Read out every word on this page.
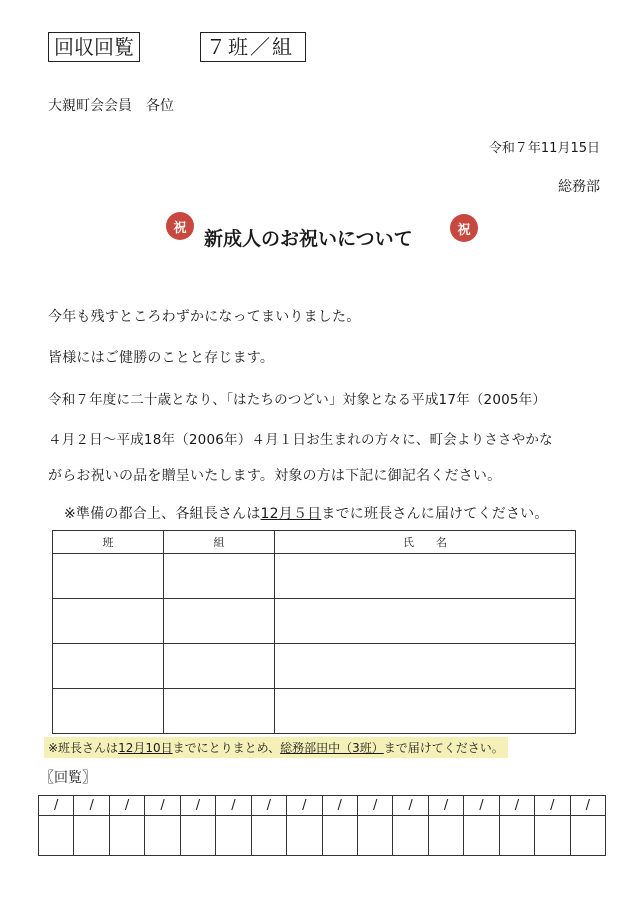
回収回覧	７班／組
大親町会会員　各位
令和７年11月15日
総務部
祝 新成人のお祝いについて	祝
今年も残すところわずかになってまいりました。
皆様にはご健勝のことと存じます。
令和７年度に二十歳となり、「はたちのつどい」対象となる平成17年（2005年）
４月２日～平成18年（2006年）４月１日お生まれの方々に、町会よりささやかな
がらお祝いの品を贈呈いたします。対象の方は下記に御記名ください。
※準備の都合上、各組長さんは12月５日までに班長さんに届けてください。
班	組	氏　　名

※班長さんは12月10日までにとりまとめ、総務部田中（3班）まで届けてください。
〖回覧〗
/	/	/	/	/	/	/	/	/	/	/	/	/	/	/	/
